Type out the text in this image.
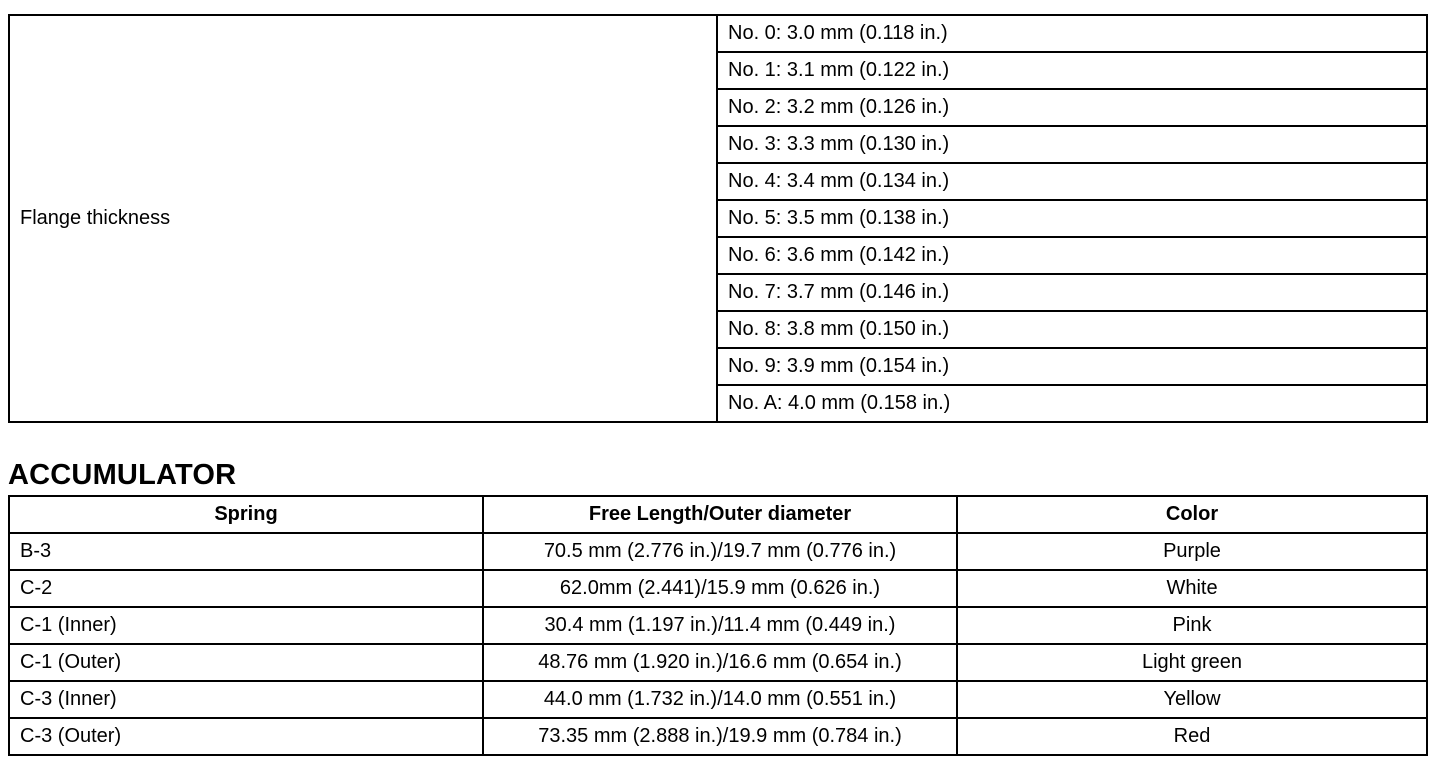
Flange thickness	No. 0: 3.0 mm (0.118 in.)
No. 1: 3.1 mm (0.122 in.)
No. 2: 3.2 mm (0.126 in.)
No. 3: 3.3 mm (0.130 in.)
No. 4: 3.4 mm (0.134 in.)
No. 5: 3.5 mm (0.138 in.)
No. 6: 3.6 mm (0.142 in.)
No. 7: 3.7 mm (0.146 in.)
No. 8: 3.8 mm (0.150 in.)
No. 9: 3.9 mm (0.154 in.)
No. A: 4.0 mm (0.158 in.)
ACCUMULATOR
Spring	Free Length/Outer diameter	Color
B-3	70.5 mm (2.776 in.)/19.7 mm (0.776 in.)	Purple
C-2	62.0mm (2.441)/15.9 mm (0.626 in.)	White
C-1 (Inner)	30.4 mm (1.197 in.)/11.4 mm (0.449 in.)	Pink
C-1 (Outer)	48.76 mm (1.920 in.)/16.6 mm (0.654 in.)	Light green
C-3 (Inner)	44.0 mm (1.732 in.)/14.0 mm (0.551 in.)	Yellow
C-3 (Outer)	73.35 mm (2.888 in.)/19.9 mm (0.784 in.)	Red
